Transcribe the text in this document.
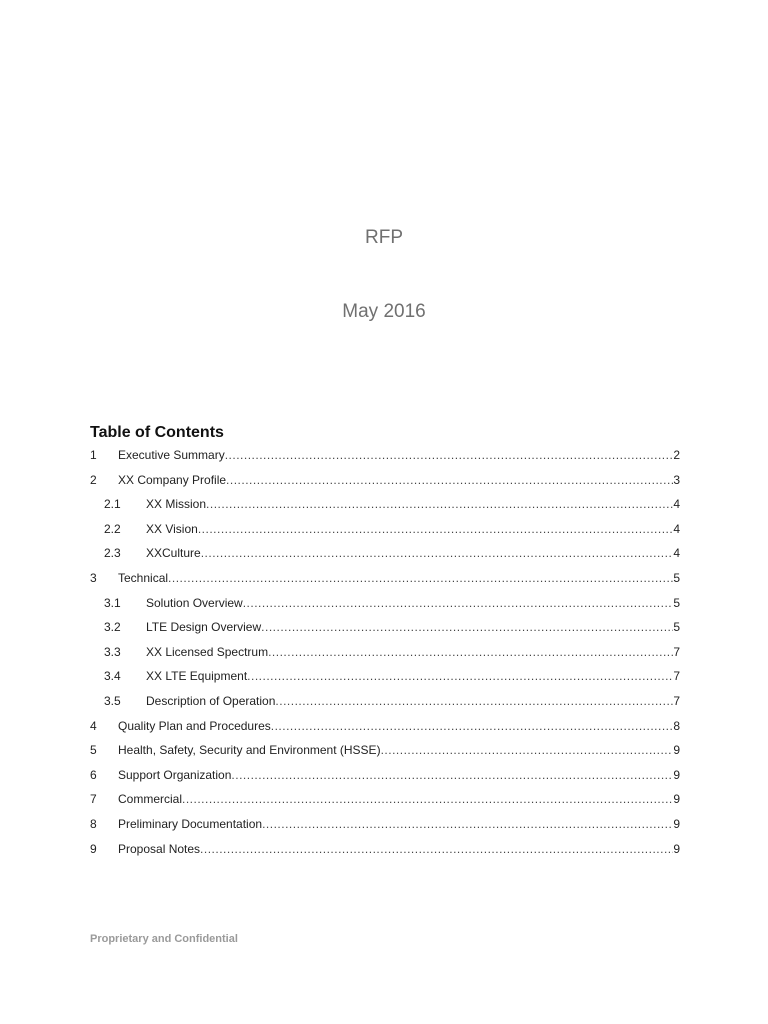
RFP
May 2016
Table of Contents
1 Executive Summary .....	2
2 XX Company Profile .....	3
2.1 XX Mission .....	4
2.2 XX Vision .....	4
2.3 XXCulture .....	4
3 Technical .....	5
3.1 Solution Overview .....	5
3.2 LTE Design Overview .....	5
3.3 XX Licensed Spectrum .....	7
3.4 XX LTE Equipment .....	7
3.5 Description of Operation .....	7
4 Quality Plan and Procedures .....	8
5 Health, Safety, Security and Environment (HSSE) .....	9
6 Support Organization .....	9
7 Commercial .....	9
8 Preliminary Documentation .....	9
9 Proposal Notes .....	9
Proprietary and Confidential
